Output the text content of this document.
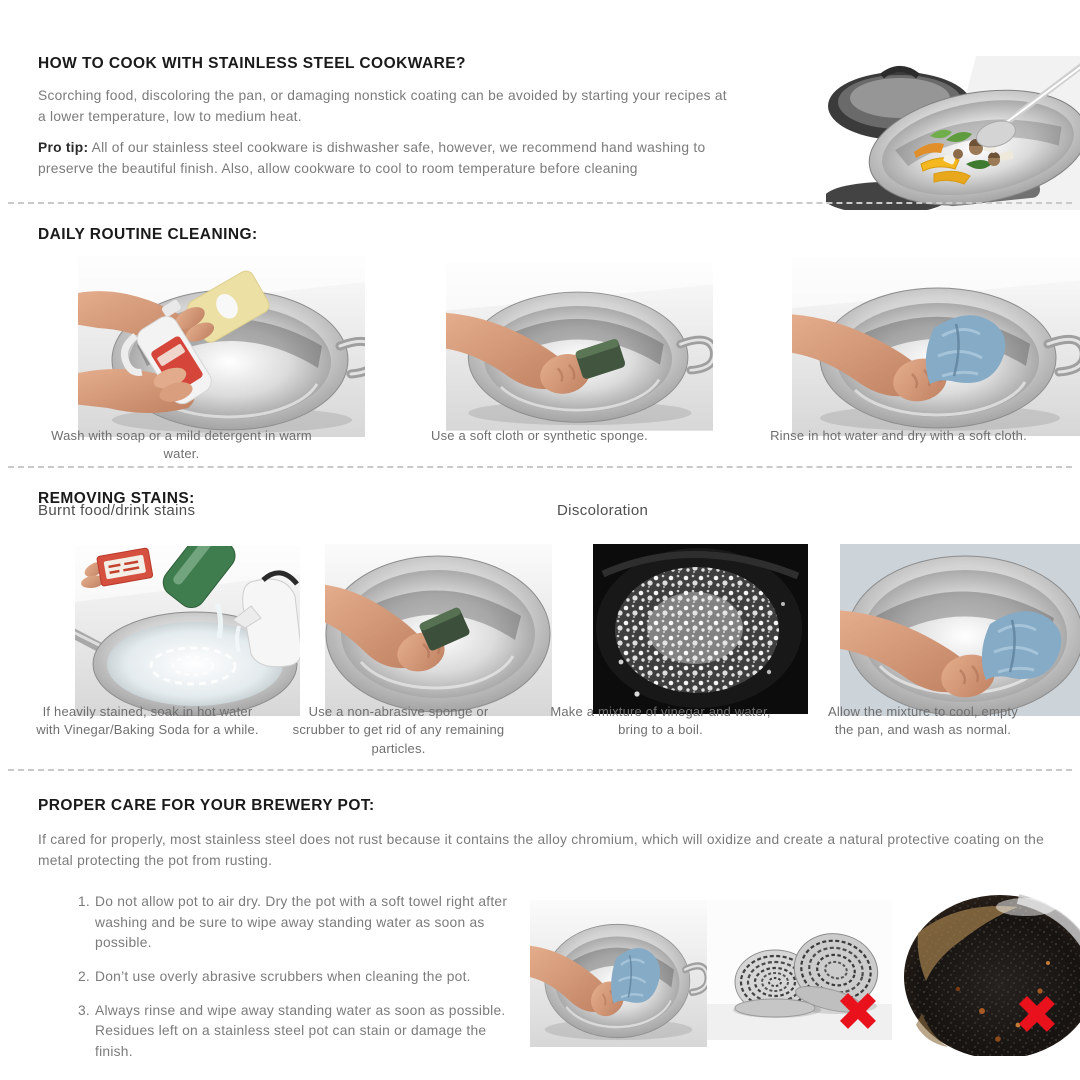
HOW TO COOK WITH STAINLESS STEEL COOKWARE?

Scorching food, discoloring the pan, or damaging nonstick coating can be avoided by starting your recipes at a lower temperature, low to medium heat.

Pro tip: All of our stainless steel cookware is dishwasher safe, however, we recommend hand washing to preserve the beautiful finish. Also, allow cookware to cool to room temperature before cleaning

DAILY ROUTINE CLEANING:
Wash with soap or a mild detergent in warm water.
Use a soft cloth or synthetic sponge.	Rinse in hot water and dry with a soft cloth.
REMOVING STAINS:
Burnt food/drink stains	Discoloration
If heavily stained, soak in hot water with Vinegar/Baking Soda for a while.
Use a non-abrasive sponge or scrubber to get rid of any remaining particles.
Make a mixture of vinegar and water, bring to a boil.
Allow the mixture to cool, empty the pan, and wash as normal.
PROPER CARE FOR YOUR BREWERY POT:

If cared for properly, most stainless steel does not rust because it contains the alloy chromium, which will oxidize and create a natural protective coating on the metal protecting the pot from rusting.

1. Do not allow pot to air dry. Dry the pot with a soft towel right after washing and be sure to wipe away standing water as soon as possible.
2. Don’t use overly abrasive scrubbers when cleaning the pot.
3. Always rinse and wipe away standing water as soon as possible. Residues left on a stainless steel pot can stain or damage the finish.
